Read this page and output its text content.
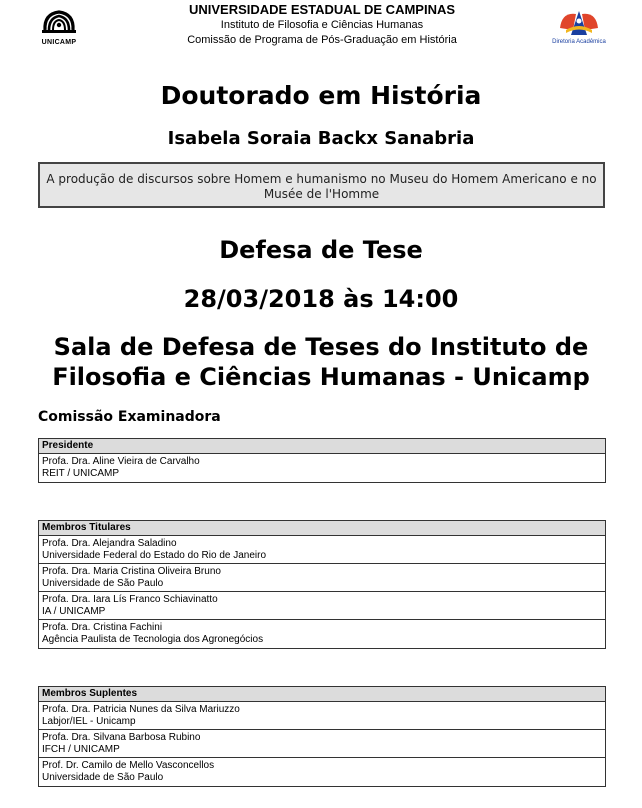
UNICAMP
UNIVERSIDADE ESTADUAL DE CAMPINAS
Instituto de Filosofia e Ciências Humanas
Comissão de Programa de Pós-Graduação em História	Diretoria Acadêmica
Doutorado em História
Isabela Soraia Backx Sanabria
A produção de discursos sobre Homem e humanismo no Museu do Homem Americano e no Musée de l'Homme
Defesa de Tese
28/03/2018 às 14:00
Sala de Defesa de Teses do Instituto de Filosofia e Ciências Humanas - Unicamp
Comissão Examinadora
Presidente
Profa. Dra. Aline Vieira de Carvalho
REIT / UNICAMP
Membros Titulares
Profa. Dra. Alejandra Saladino
Universidade Federal do Estado do Rio de Janeiro
Profa. Dra. Maria Cristina Oliveira Bruno
Universidade de São Paulo
Profa. Dra. Iara Lís Franco Schiavinatto
IA / UNICAMP
Profa. Dra. Cristina Fachini
Agência Paulista de Tecnologia dos Agronegócios
Membros Suplentes
Profa. Dra. Patricia Nunes da Silva Mariuzzo
Labjor/IEL - Unicamp
Profa. Dra. Silvana Barbosa Rubino
IFCH / UNICAMP
Prof. Dr. Camilo de Mello Vasconcellos
Universidade de São Paulo
